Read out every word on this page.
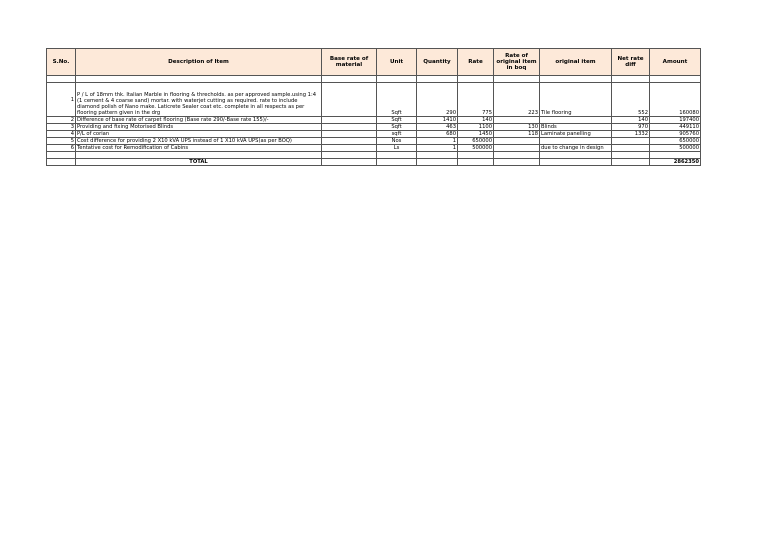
S.No.	Description of Item	Base rate of material	Unit	Quantity	Rate	Rate of original item in boq	original item	Net rate diff	Amount

1	P / L of 18mm thk. Italian Marble in flooring & threcholds. as per approved sample.using 1:4 (1 cement & 4 coarse sand) mortar. with waterjet cutting as required. rate to include diamond polish of Nano make. Laticrete Sealer coat etc. complete in all respects as per flooring pattern given in the drg		Sqft	290	775	223	Tile flooring	552	160080
2	Difference of base rate of carpet flooring (Base rate 290/-Base rate 155)/-		Sqft	1410	140			140	197400
3	Providing and fixing Motorised Blinds		Sqft	463	1100	130	Blinds	970	449110
4	P/L of corian		sqft	680	1450	118	Laminate panelling	1332	905760
5	Cost difference for providing 2 X10 kVA UPS instead of 1 X10 kVA UPS(as per BOQ)		Nos	1	650000				650000
6	Tentative cost for Remodification of Cabins		Ls	1	500000		due to change in design		500000

	TOTAL								2862350
